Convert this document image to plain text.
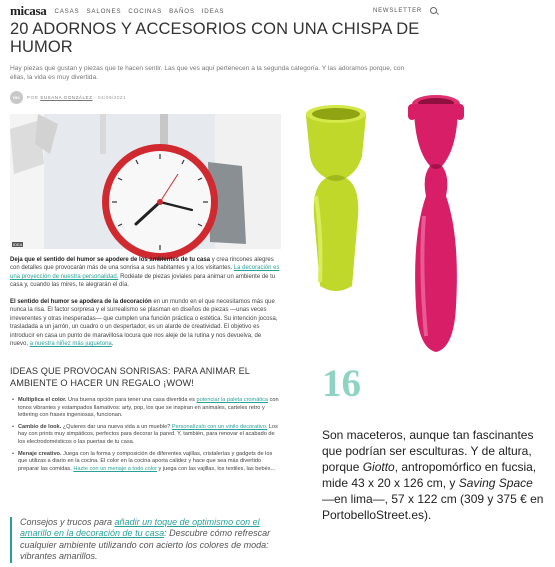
micasa CASAS SALONES COCINAS BAÑOS IDEAS	NEWSLETTER
20 ADORNOS Y ACCESORIOS CON UNA CHISPA DE HUMOR

Hay piezas que gustan y piezas que te hacen sentir. Las que ves aquí pertenecen a la segunda categoría. Y las adoramos porque, con ellas, la vida es muy divertida.

mc	POR SUSANA GONZÁLEZ · 04/09/2021
IDEA

Deja que el sentido del humor se apodere de los ambientes de tu casa y crea rincones alegres con detalles que provocarán más de una sonrisa a sus habitantes y a los visitantes. La decoración es una proyección de nuestra personalidad. Rodéate de piezas joviales para animar un ambiente de tu casa y, cuando las mires, te alegrarán el día.

El sentido del humor se apodera de la decoración en un mundo en el que necesitamos más que nunca la risa. El factor sorpresa y el surrealismo se plasman en diseños de piezas —unas veces irreverentes y otras inesperadas— que cumplen una función práctica o estética. Su intención jocosa, trasladada a un jarrón, un cuadro o un despertador, es un alarde de creatividad. El objetivo es introducir en casa un punto de maravillosa locura que nos aleje de la rutina y nos devuelva, de nuevo, a nuestra niñez más juguetona.

IDEAS QUE PROVOCAN SONRISAS: PARA ANIMAR EL AMBIENTE O HACER UN REGALO ¡WOW!
• Multiplica el color. Una buena opción para tener una casa divertida es potenciar la paleta cromática con tonos vibrantes y estampados llamativos: arty, pop, los que se inspiran en animales, carteles retro y lettering con frases ingeniosas, funcionan.
• Cambio de look. ¿Quieres dar una nueva vida a un mueble? Personalízalo con un vinilo decorativo. Los hay con prints muy simpáticos, perfectos para decorar la pared. Y, también, para renovar el acabado de los electrodomésticos o las puertas de tu casa.
• Menaje creativo. Juega con la forma y composición de diferentes vajillas, cristalerías y gadgets de los que utilizas a diario en la cocina. El color en la cocina aporta calidez y hace que sea más divertido preparar las comidas. Hazte con un menaje a todo color y juega con las vajillas, los textiles, las bebés...

Consejos y trucos para añadir un toque de optimismo con el amarillo en la decoración de tu casa: Descubre cómo refrescar cualquier ambiente utilizando con acierto los colores de moda: vibrantes amarillos.

16

Son maceteros, aunque tan fascinantes que podrían ser esculturas. Y de altura, porque Giotto, antropomórfico en fucsia, mide 43 x 20 x 126 cm, y Saving Space —en lima—, 57 x 122 cm (309 y 375 € en PortobelloStreet.es).
